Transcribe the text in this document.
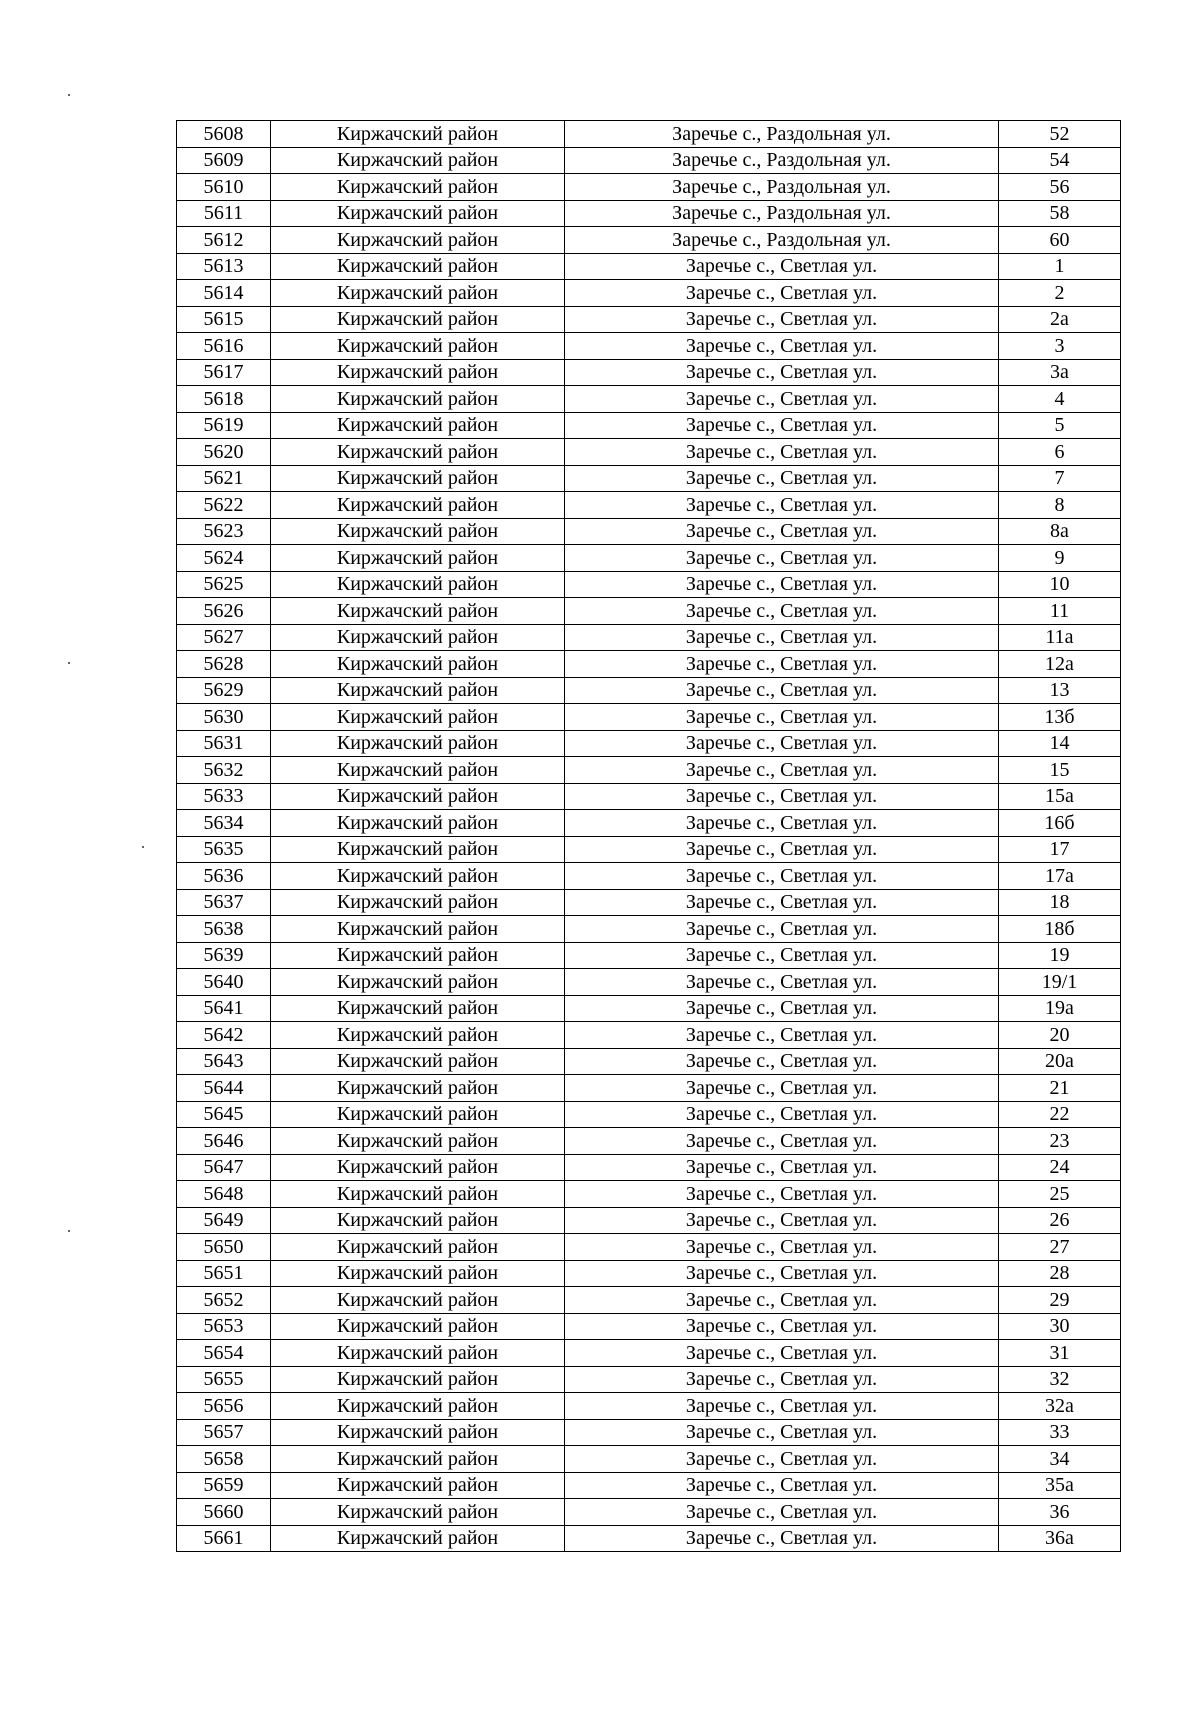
5608	Киржачский район	Заречье с., Раздольная ул.	52
5609	Киржачский район	Заречье с., Раздольная ул.	54
5610	Киржачский район	Заречье с., Раздольная ул.	56
5611	Киржачский район	Заречье с., Раздольная ул.	58
5612	Киржачский район	Заречье с., Раздольная ул.	60
5613	Киржачский район	Заречье с., Светлая ул.	1
5614	Киржачский район	Заречье с., Светлая ул.	2
5615	Киржачский район	Заречье с., Светлая ул.	2а
5616	Киржачский район	Заречье с., Светлая ул.	3
5617	Киржачский район	Заречье с., Светлая ул.	3а
5618	Киржачский район	Заречье с., Светлая ул.	4
5619	Киржачский район	Заречье с., Светлая ул.	5
5620	Киржачский район	Заречье с., Светлая ул.	6
5621	Киржачский район	Заречье с., Светлая ул.	7
5622	Киржачский район	Заречье с., Светлая ул.	8
5623	Киржачский район	Заречье с., Светлая ул.	8а
5624	Киржачский район	Заречье с., Светлая ул.	9
5625	Киржачский район	Заречье с., Светлая ул.	10
5626	Киржачский район	Заречье с., Светлая ул.	11
5627	Киржачский район	Заречье с., Светлая ул.	11а
5628	Киржачский район	Заречье с., Светлая ул.	12а
5629	Киржачский район	Заречье с., Светлая ул.	13
5630	Киржачский район	Заречье с., Светлая ул.	13б
5631	Киржачский район	Заречье с., Светлая ул.	14
5632	Киржачский район	Заречье с., Светлая ул.	15
5633	Киржачский район	Заречье с., Светлая ул.	15а
5634	Киржачский район	Заречье с., Светлая ул.	16б
5635	Киржачский район	Заречье с., Светлая ул.	17
5636	Киржачский район	Заречье с., Светлая ул.	17а
5637	Киржачский район	Заречье с., Светлая ул.	18
5638	Киржачский район	Заречье с., Светлая ул.	18б
5639	Киржачский район	Заречье с., Светлая ул.	19
5640	Киржачский район	Заречье с., Светлая ул.	19/1
5641	Киржачский район	Заречье с., Светлая ул.	19а
5642	Киржачский район	Заречье с., Светлая ул.	20
5643	Киржачский район	Заречье с., Светлая ул.	20а
5644	Киржачский район	Заречье с., Светлая ул.	21
5645	Киржачский район	Заречье с., Светлая ул.	22
5646	Киржачский район	Заречье с., Светлая ул.	23
5647	Киржачский район	Заречье с., Светлая ул.	24
5648	Киржачский район	Заречье с., Светлая ул.	25
5649	Киржачский район	Заречье с., Светлая ул.	26
5650	Киржачский район	Заречье с., Светлая ул.	27
5651	Киржачский район	Заречье с., Светлая ул.	28
5652	Киржачский район	Заречье с., Светлая ул.	29
5653	Киржачский район	Заречье с., Светлая ул.	30
5654	Киржачский район	Заречье с., Светлая ул.	31
5655	Киржачский район	Заречье с., Светлая ул.	32
5656	Киржачский район	Заречье с., Светлая ул.	32а
5657	Киржачский район	Заречье с., Светлая ул.	33
5658	Киржачский район	Заречье с., Светлая ул.	34
5659	Киржачский район	Заречье с., Светлая ул.	35а
5660	Киржачский район	Заречье с., Светлая ул.	36
5661	Киржачский район	Заречье с., Светлая ул.	36а
